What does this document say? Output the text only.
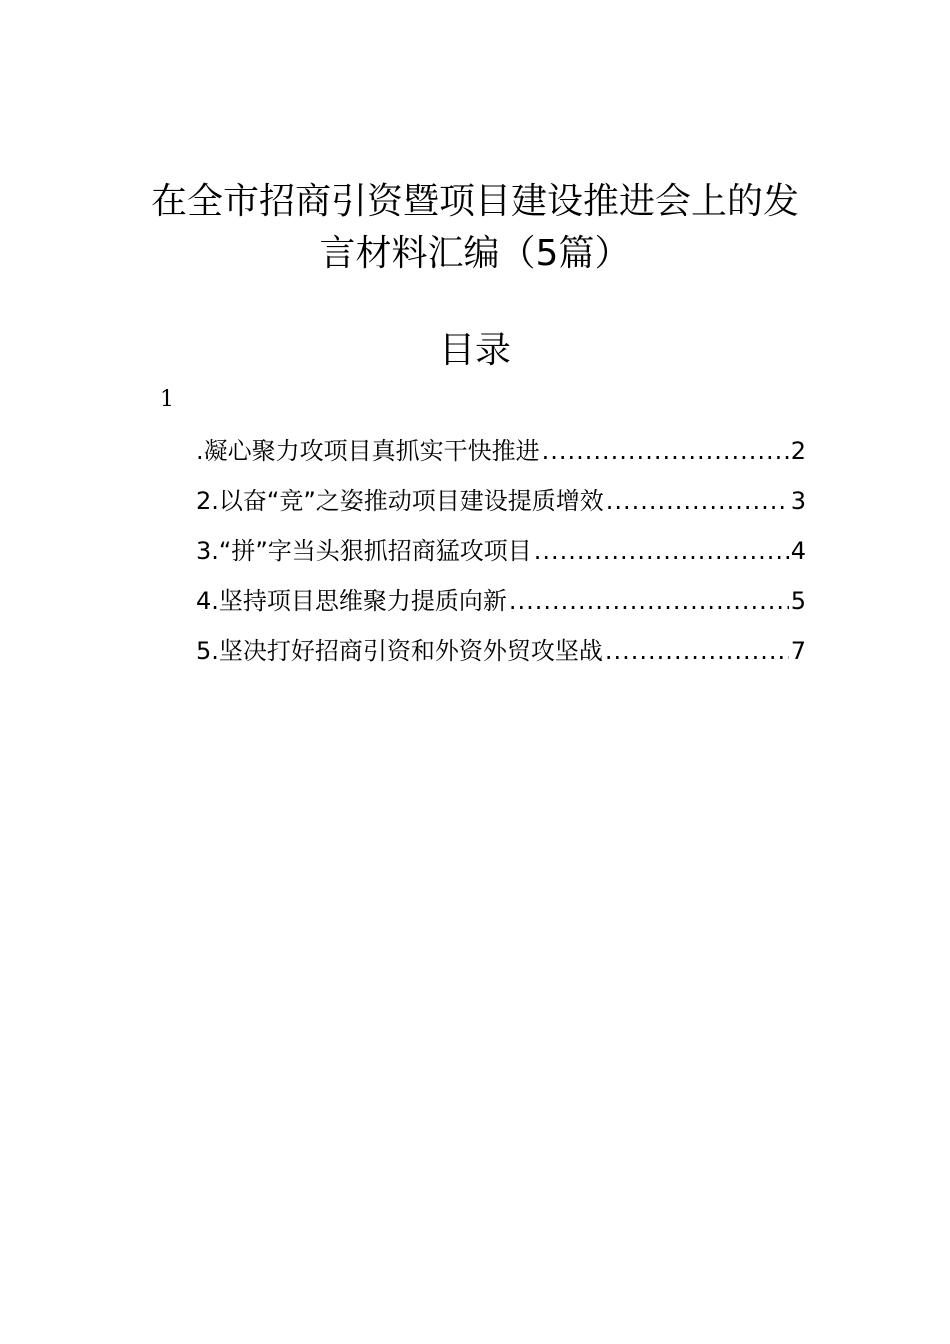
在全市招商引资暨项目建设推进会上的发
言材料汇编（5篇）
目录
1
.凝心聚力攻项目真抓实干快推进 .....	2
2.以奋“竞”之姿推动项目建设提质增效 .....	3
3.“拼”字当头狠抓招商猛攻项目 .....	4
4.坚持项目思维聚力提质向新 .....	5
5.坚决打好招商引资和外资外贸攻坚战 .....	7
